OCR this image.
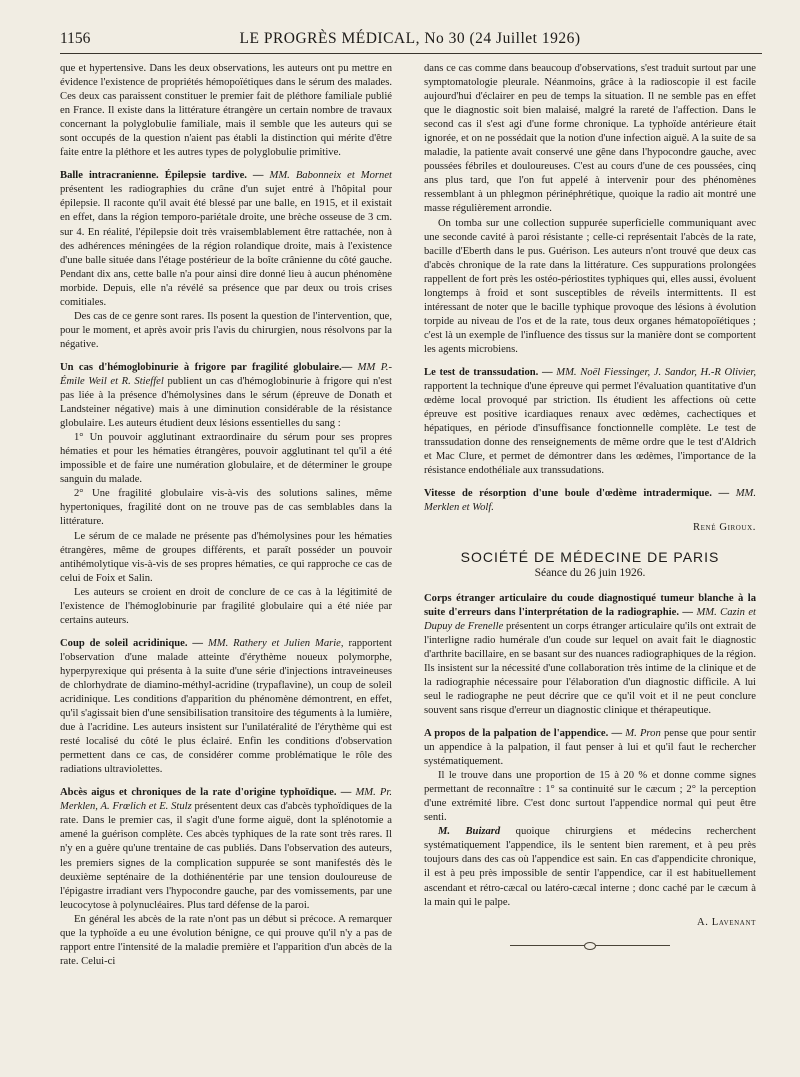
1156	LE PROGRÈS MÉDICAL, No 30 (24 Juillet 1926)

que et hypertensive. Dans les deux observations, les auteurs ont pu mettre en évidence l'existence de propriétés hémopoïétiques dans le sérum des malades. Ces deux cas paraissent constituer le premier fait de pléthore familiale publié en France. Il existe dans la littérature étrangère un certain nombre de travaux concernant la polyglobulie familiale, mais il semble que les auteurs qui se sont occupés de la question n'aient pas établi la distinction qui mérite d'être faite entre la pléthore et les autres types de polyglobulie primitive.

Balle intracranienne. Épilepsie tardive. — MM. Babonneix et Mornet présentent les radiographies du crâne d'un sujet entré à l'hôpital pour épilepsie. Il raconte qu'il avait été blessé par une balle, en 1915, et il existait en effet, dans la région temporo-pariétale droite, une brèche osseuse de 3 cm. sur 4. En réalité, l'épilepsie doit très vraisemblablement être rattachée, non à des adhérences méningées de la région rolandique droite, mais à l'existence d'une balle située dans l'étage postérieur de la boîte crânienne du côté gauche. Pendant dix ans, cette balle n'a pour ainsi dire donné lieu à aucun phénomène morbide. Depuis, elle n'a révélé sa présence que par deux ou trois crises comitiales.

Des cas de ce genre sont rares. Ils posent la question de l'intervention, que, pour le moment, et après avoir pris l'avis du chirurgien, nous résolvons par la négative.

Un cas d'hémoglobinurie à frigore par fragilité globulaire.— MM P.-Émile Weil et R. Stieffel publient un cas d'hémoglobinurie à frigore qui n'est pas liée à la présence d'hémolysines dans le sérum (épreuve de Donath et Landsteiner négative) mais à une diminution considérable de la résistance globulaire. Les auteurs étudient deux lésions essentielles du sang :

1° Un pouvoir agglutinant extraordinaire du sérum pour ses propres hématies et pour les hématies étrangères, pouvoir agglutinant tel qu'il a été impossible et de faire une numération globulaire, et de déterminer le groupe sanguin du malade.

2° Une fragilité globulaire vis-à-vis des solutions salines, même hypertoniques, fragilité dont on ne trouve pas de cas semblables dans la littérature.

Le sérum de ce malade ne présente pas d'hémolysines pour les hématies étrangères, même de groupes différents, et paraît posséder un pouvoir antihémolytique vis-à-vis de ses propres hématies, ce qui rapproche ce cas de celui de Foix et Salin.

Les auteurs se croient en droit de conclure de ce cas à la légitimité de l'existence de l'hémoglobinurie par fragilité globulaire qui a été niée par certains auteurs.

Coup de soleil acridinique. — MM. Rathery et Julien Marie, rapportent l'observation d'une malade atteinte d'érythème noueux polymorphe, hyperpyrexique qui présenta à la suite d'une série d'injections intraveineuses de chlorhydrate de diamino-méthyl-acridine (trypaflavine), un coup de soleil acridinique. Les conditions d'apparition du phénomène démontrent, en effet, qu'il s'agissait bien d'une sensibilisation transitoire des téguments à la lumière, due à l'acridine. Les auteurs insistent sur l'unilatéralité de l'érythème qui est resté localisé du côté le plus éclairé. Enfin les conditions d'observation permettent dans ce cas, de considérer comme problématique le rôle des radiations ultraviolettes.

Abcès aigus et chroniques de la rate d'origine typhoïdique. — MM. Pr. Merklen, A. Frœlich et E. Stulz présentent deux cas d'abcès typhoïdiques de la rate. Dans le premier cas, il s'agit d'une forme aiguë, dont la splénotomie a amené la guérison complète. Ces abcès typhiques de la rate sont très rares. Il n'y en a guère qu'une trentaine de cas publiés. Dans l'observation des auteurs, les premiers signes de la complication suppurée se sont manifestés dès le deuxième septénaire de la dothiénentérie par une tension douloureuse de l'épigastre irradiant vers l'hypocondre gauche, par des vomissements, par une leucocytose à polynucléaires. Plus tard défense de la paroi.

En général les abcès de la rate n'ont pas un début si précoce. A remarquer que la typhoïde a eu une évolution bénigne, ce qui prouve qu'il n'y a pas de rapport entre l'intensité de la maladie première et l'apparition d'un abcès de la rate. Celui-ci

dans ce cas comme dans beaucoup d'observations, s'est traduit surtout par une symptomatologie pleurale. Néanmoins, grâce à la radioscopie il est facile aujourd'hui d'éclairer en peu de temps la situation. Il ne semble pas en effet que le diagnostic soit bien malaisé, malgré la rareté de l'affection. Dans le second cas il s'est agi d'une forme chronique. La typhoïde antérieure était ignorée, et on ne possédait que la notion d'une infection aiguë. A la suite de sa maladie, la patiente avait conservé une gêne dans l'hypocondre gauche, avec poussées fébriles et douloureuses. C'est au cours d'une de ces poussées, cinq ans plus tard, que l'on fut appelé à intervenir pour des phénomènes ressemblant à un phlegmon périnéphrétique, quoique la radio ait montré une masse régulièrement arrondie.

On tomba sur une collection suppurée superficielle communiquant avec une seconde cavité à paroi résistante ; celle-ci représentait l'abcès de la rate, bacille d'Eberth dans le pus. Guérison. Les auteurs n'ont trouvé que deux cas d'abcès chronique de la rate dans la littérature. Ces suppurations prolongées rappellent de fort près les ostéo-périostites typhiques qui, elles aussi, évoluent longtemps à froid et sont susceptibles de réveils intermittents. Il est intéressant de noter que le bacille typhique provoque des lésions à évolution torpide au niveau de l'os et de la rate, tous deux organes hématopoïétiques ; c'est là un exemple de l'influence des tissus sur la manière dont se comportent les agents microbiens.

Le test de transsudation. — MM. Noël Fiessinger, J. Sandor, H.-R Olivier, rapportent la technique d'une épreuve qui permet l'évaluation quantitative d'un œdème local provoqué par striction. Ils étudient les affections où cette épreuve est positive icardiaques renaux avec œdèmes, cachectiques et hépatiques, en période d'insuffisance fonctionnelle complète. Le test de transsudation donne des renseignements de même ordre que le test d'Aldrich et Mac Clure, et permet de démontrer dans les œdèmes, l'importance de la résistance endothéliale aux transsudations.

Vitesse de résorption d'une boule d'œdème intradermique. — MM. Merklen et Wolf.

René Giroux.
SOCIÉTÉ DE MÉDECINE DE PARIS
Séance du 26 juin 1926.

Corps étranger articulaire du coude diagnostiqué tumeur blanche à la suite d'erreurs dans l'interprétation de la radiographie. — MM. Cazin et Dupuy de Frenelle présentent un corps étranger articulaire qu'ils ont extrait de l'interligne radio humérale d'un coude sur lequel on avait fait le diagnostic d'arthrite bacillaire, en se basant sur des nuances radiographiques de la région. Ils insistent sur la nécessité d'une collaboration très intime de la clinique et de la radiographie nécessaire pour l'élaboration d'un diagnostic difficile. A lui seul le radiographe ne peut décrire que ce qu'il voit et il ne peut conclure souvent sans risque d'erreur un diagnostic clinique et thérapeutique.

A propos de la palpation de l'appendice. — M. Pron pense que pour sentir un appendice à la palpation, il faut penser à lui et qu'il faut le rechercher systématiquement.

Il le trouve dans une proportion de 15 à 20 % et donne comme signes permettant de reconnaître : 1° sa continuité sur le cæcum ; 2° la perception d'une extrémité libre. C'est donc surtout l'appendice normal qui peut être senti.

M. Buizard quoique chirurgiens et médecins recherchent systématiquement l'appendice, ils le sentent bien rarement, et à peu près toujours dans des cas où l'appendice est sain. En cas d'appendicite chronique, il est à peu près impossible de sentir l'appendice, car il est habituellement ascendant et rétro-cæcal ou latéro-cæcal interne ; donc caché par le cæcum à la main qui le palpe.

A. Lavenant
